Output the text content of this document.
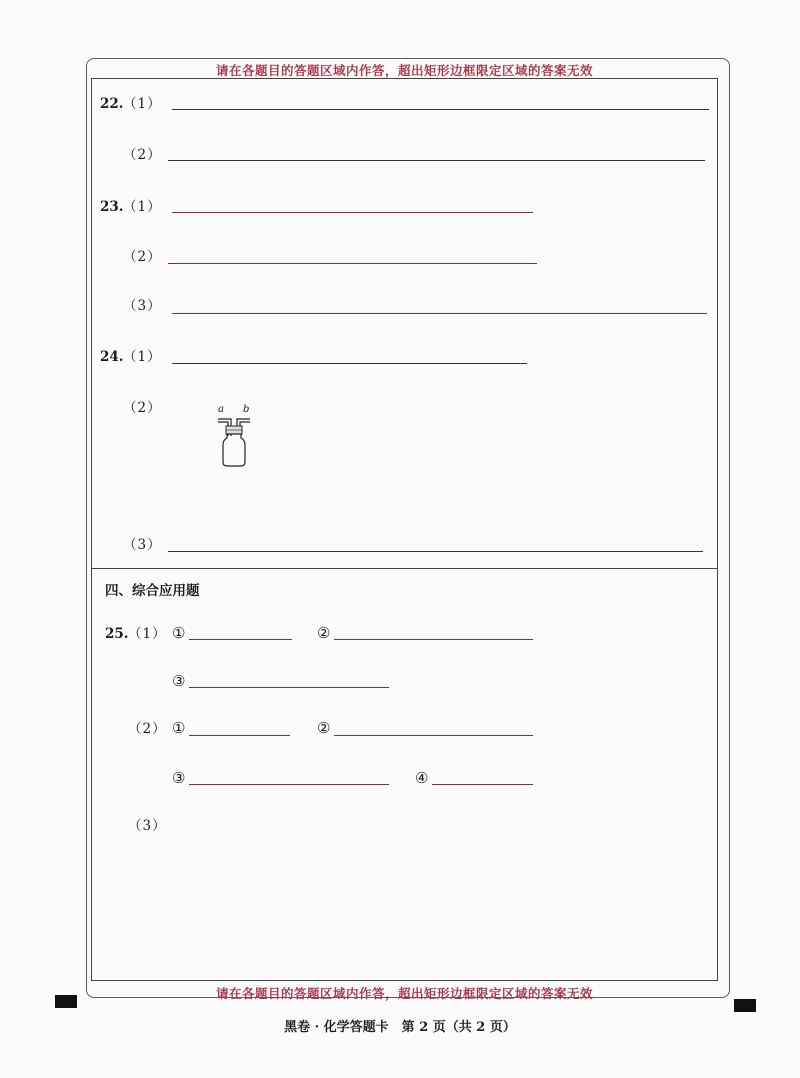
请在各题目的答题区域内作答，超出矩形边框限定区域的答案无效
22. （1）
（2）
23. （1）
（2）
（3）
24. （1）
（2）	a b
（3）
四、综合应用题
25. （1） ①	②
③
（2） ①	②
③	④
（3）
请在各题目的答题区域内作答，超出矩形边框限定区域的答案无效
黑卷 · 化学答题卡　第 2 页（共 2 页）
